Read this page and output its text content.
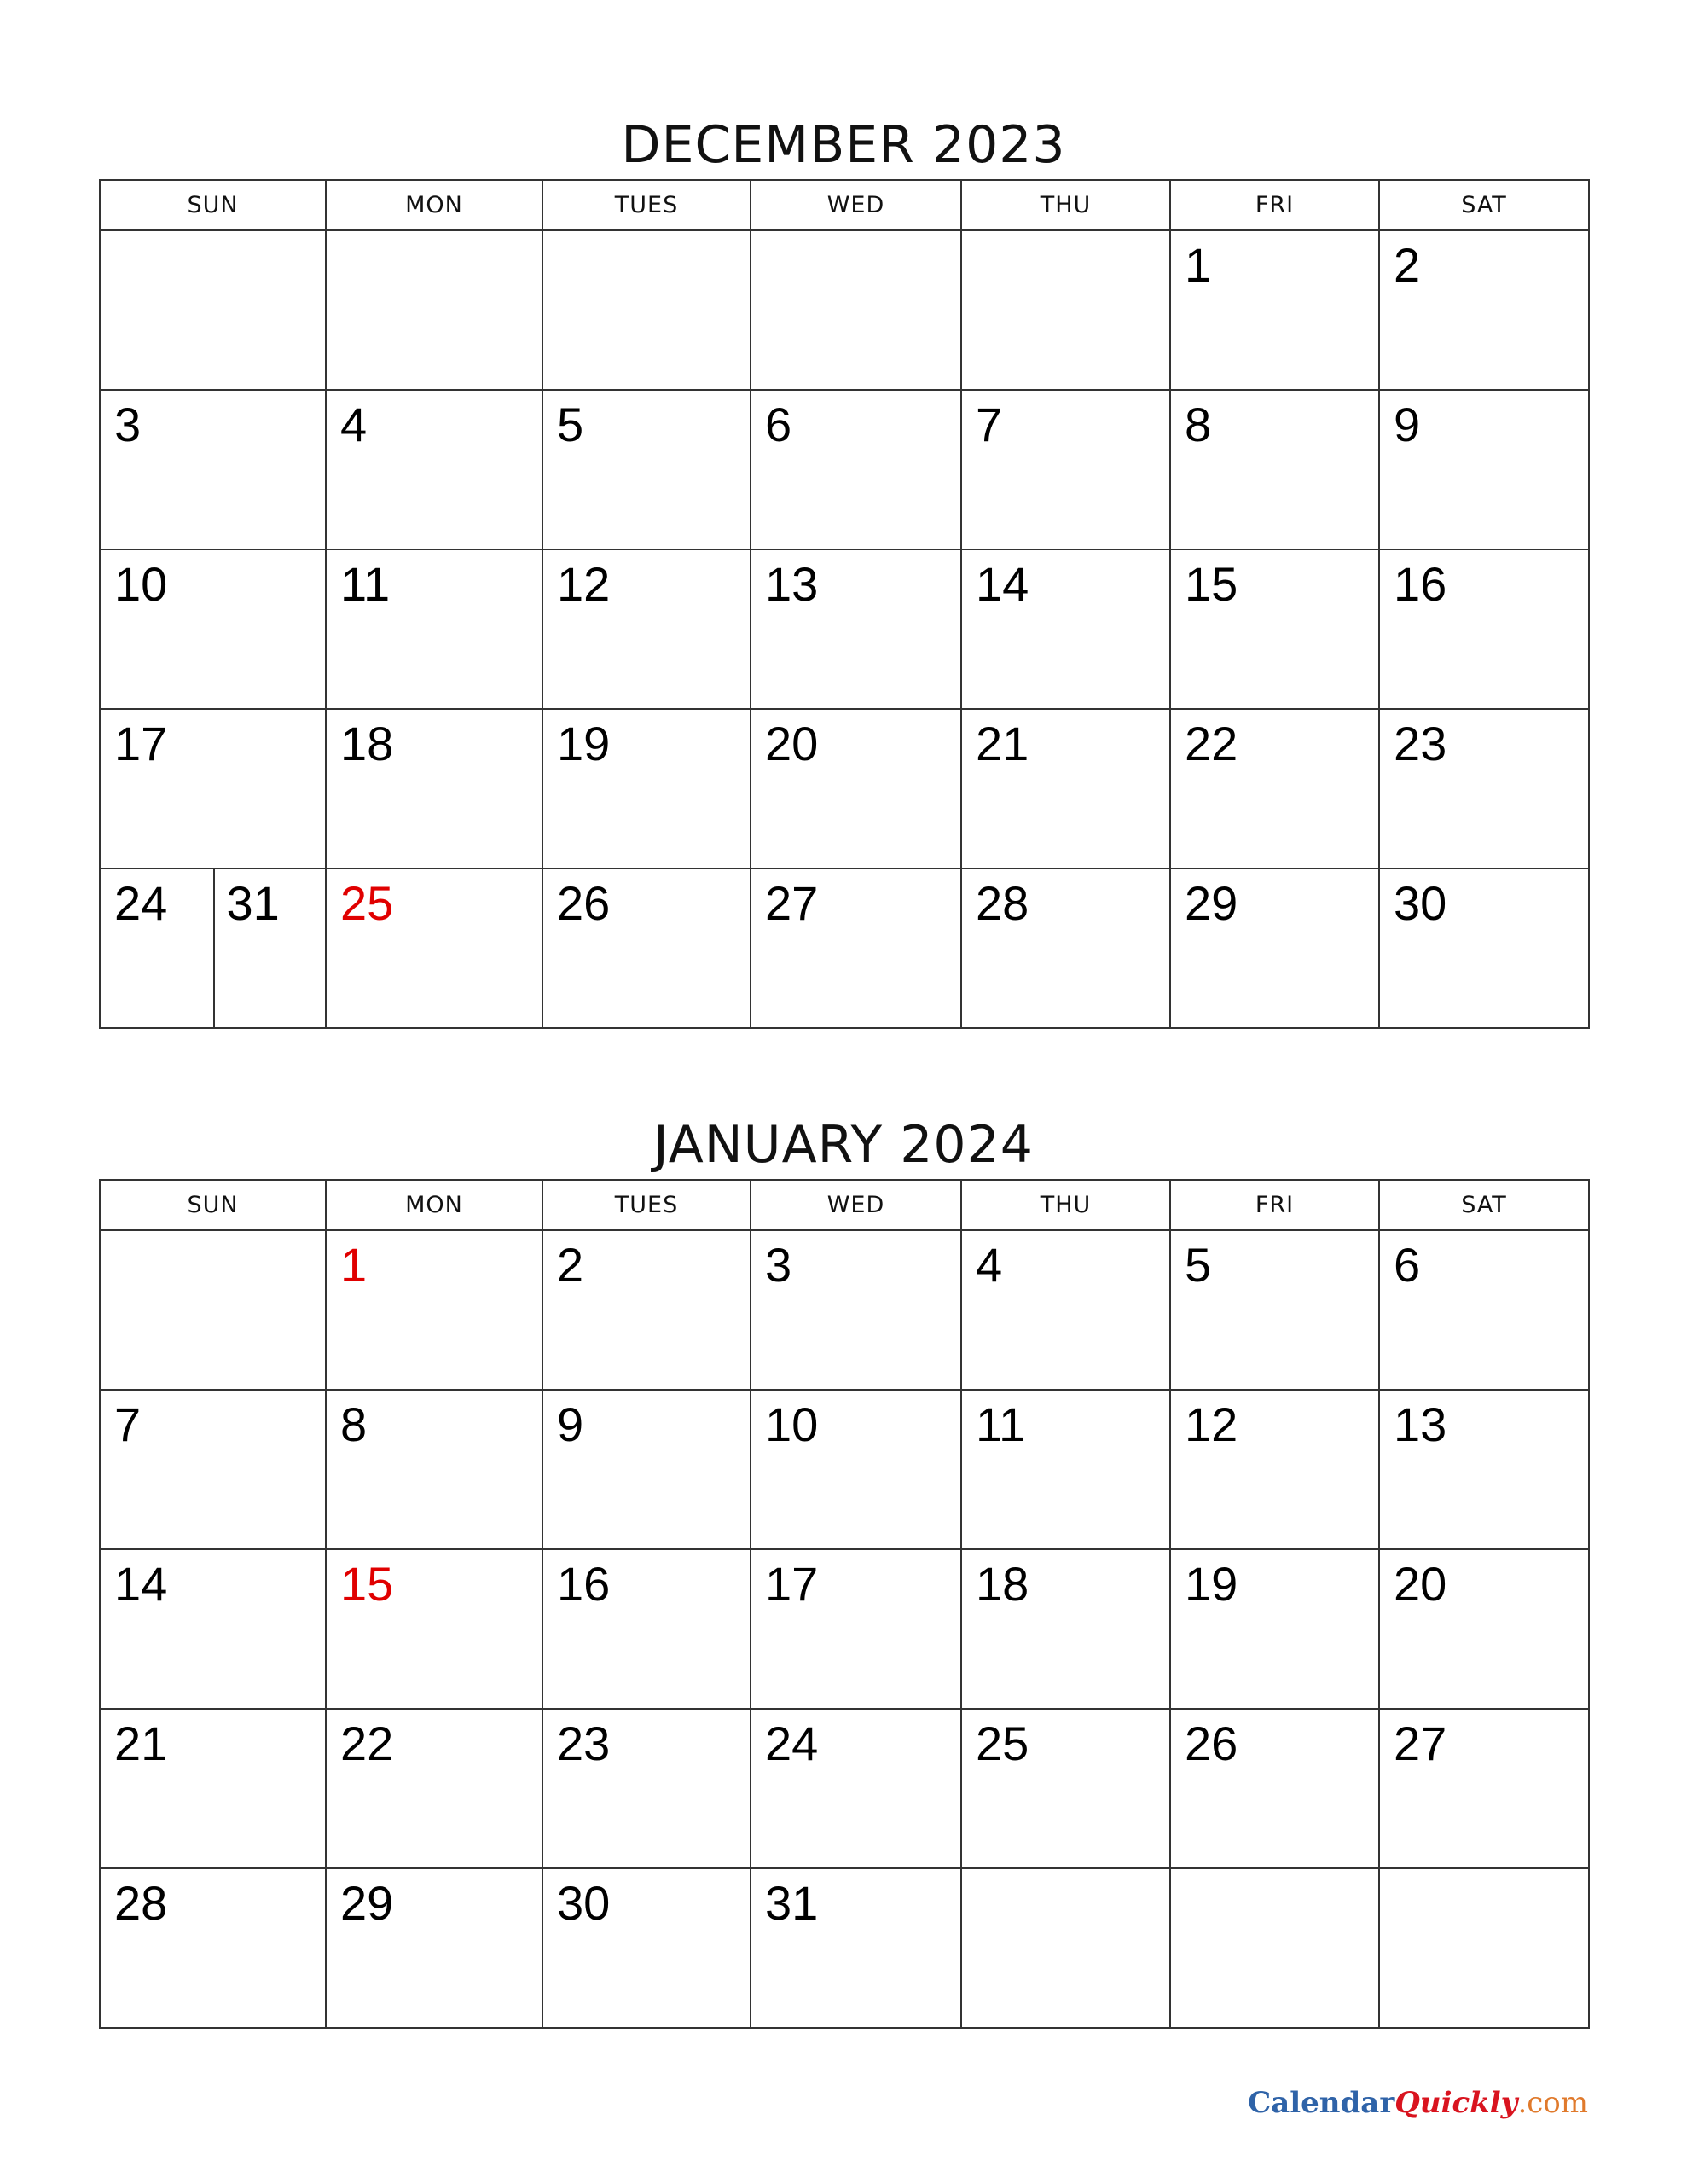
DECEMBER 2023
SUN	MON	TUES	WED	THU	FRI	SAT

					1	2

3	4	5	6	7	8	9

10	11	12	13	14	15	16

17	18	19	20	21	22	23

24 31	25	26	27	28	29	30
JANUARY 2024
SUN	MON	TUES	WED	THU	FRI	SAT

	1	2	3	4	5	6

7	8	9	10	11	12	13

14	15	16	17	18	19	20

21	22	23	24	25	26	27

28	29	30	31			

CalendarQuickly.com
